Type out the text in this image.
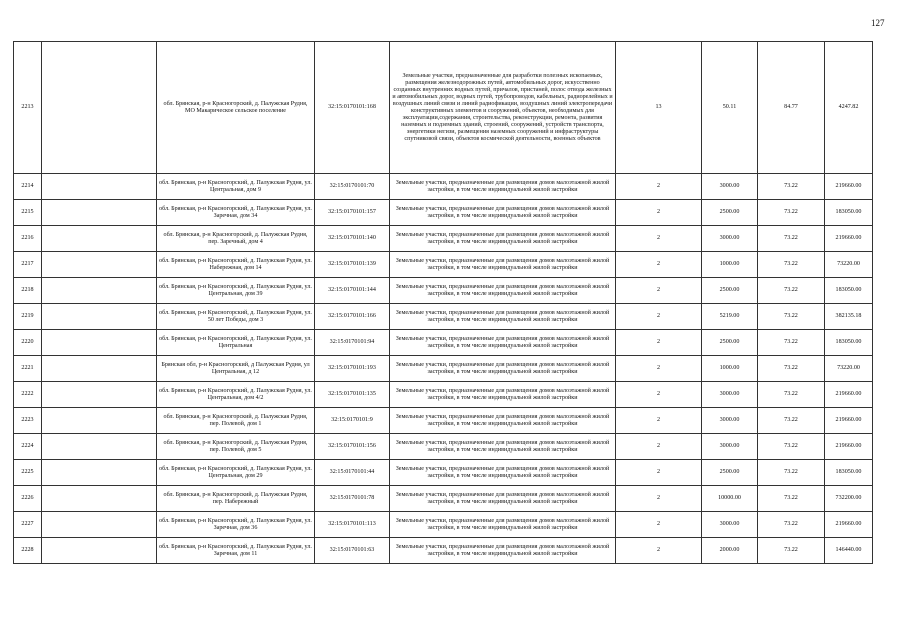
127
2213		обл. Брянская, р-н Красногорский, д. Палужская Рудня, МО Макарическое сельское поселение	32:15:0170101:168	Земельные участки, предназначенные для разработки полезных ископаемых, размещения железнодорожных путей, автомобильных дорог, искусственно созданных внутренних водных путей, причалов, пристаней, полос отвода железных и автомобильных дорог, водных путей, трубопроводов, кабельных, радиорелейных и воздушных линий связи и линий радиофикации, воздушных линий электропередачи конструктивных элементов и сооружений, объектов, необходимых для эксплуатации,содержания, строительства, реконструкции, ремонта, развития наземных и подземных зданий, строений, сооружений, устройств транспорта, энергетики негизи, размещения наземных сооружений и инфраструктуры спутниковой связи, объектов космической деятельности, военных объектов	13	50.11	84.77	4247.82
2214		обл. Брянская, р-н Красногорский, д. Палужская Рудня, ул. Центральная, дом 9	32:15:0170101:70	Земельные участки, предназначенные для размещения домов малоэтажной жилой застройки, в том числе индивидуальной жилой застройки	2	3000.00	73.22	219660.00
2215		обл. Брянская, р-н Красногорский, д. Палужская Рудня, ул. Заречная, дом 34	32:15:0170101:157	Земельные участки, предназначенные для размещения домов малоэтажной жилой застройки, в том числе индивидуальной жилой застройки	2	2500.00	73.22	183050.00
2216		обл. Брянская, р-н Красногорский, д. Палужская Рудня, пер. Заречный, дом 4	32:15:0170101:140	Земельные участки, предназначенные для размещения домов малоэтажной жилой застройки, в том числе индивидуальной жилой застройки	2	3000.00	73.22	219660.00
2217		обл. Брянская, р-н Красногорский, д. Палужская Рудня, ул. Набережная, дом 14	32:15:0170101:139	Земельные участки, предназначенные для размещения домов малоэтажной жилой застройки, в том числе индивидуальной жилой застройки	2	1000.00	73.22	73220.00
2218		обл. Брянская, р-н Красногорский, д. Палужская Рудня, ул. Центральная, дом 39	32:15:0170101:144	Земельные участки, предназначенные для размещения домов малоэтажной жилой застройки, в том числе индивидуальной жилой застройки	2	2500.00	73.22	183050.00
2219		обл. Брянская, р-н Красногорский, д. Палужская Рудня, ул. 50 лет Победы, дом 3	32:15:0170101:166	Земельные участки, предназначенные для размещения домов малоэтажной жилой застройки, в том числе индивидуальной жилой застройки	2	5219.00	73.22	382135.18
2220		обл. Брянская, р-н Красногорский, д. Палужская Рудня, ул. Центральная	32:15:0170101:94	Земельные участки, предназначенные для размещения домов малоэтажной жилой застройки, в том числе индивидуальной жилой застройки	2	2500.00	73.22	183050.00
2221		Брянская обл, р-н Красногорский, д Палужская Рудня, ул Центральная, д 12	32:15:0170101:193	Земельные участки, предназначенные для размещения домов малоэтажной жилой застройки, в том числе индивидуальной жилой застройки	2	1000.00	73.22	73220.00
2222		обл. Брянская, р-н Красногорский, д. Палужская Рудня, ул. Центральная, дом 4/2	32:15:0170101:135	Земельные участки, предназначенные для размещения домов малоэтажной жилой застройки, в том числе индивидуальной жилой застройки	2	3000.00	73.22	219660.00
2223		обл. Брянская, р-н Красногорский, д. Палужская Рудня, пер. Полевой, дом 1	32:15:0170101:9	Земельные участки, предназначенные для размещения домов малоэтажной жилой застройки, в том числе индивидуальной жилой застройки	2	3000.00	73.22	219660.00
2224		обл. Брянская, р-н Красногорский, д. Палужская Рудня, пер. Полевой, дом 5	32:15:0170101:156	Земельные участки, предназначенные для размещения домов малоэтажной жилой застройки, в том числе индивидуальной жилой застройки	2	3000.00	73.22	219660.00
2225		обл. Брянская, р-н Красногорский, д. Палужская Рудня, ул. Центральная, дом 29	32:15:0170101:44	Земельные участки, предназначенные для размещения домов малоэтажной жилой застройки, в том числе индивидуальной жилой застройки	2	2500.00	73.22	183050.00
2226		обл. Брянская, р-н Красногорский, д. Палужская Рудня, пер. Набережный	32:15:0170101:78	Земельные участки, предназначенные для размещения домов малоэтажной жилой застройки, в том числе индивидуальной жилой застройки	2	10000.00	73.22	732200.00
2227		обл. Брянская, р-н Красногорский, д. Палужская Рудня, ул. Заречная, дом 36	32:15:0170101:113	Земельные участки, предназначенные для размещения домов малоэтажной жилой застройки, в том числе индивидуальной жилой застройки	2	3000.00	73.22	219660.00
2228		обл. Брянская, р-н Красногорский, д. Палужская Рудня, ул. Заречная, дом 11	32:15:0170101:63	Земельные участки, предназначенные для размещения домов малоэтажной жилой застройки, в том числе индивидуальной жилой застройки	2	2000.00	73.22	146440.00
